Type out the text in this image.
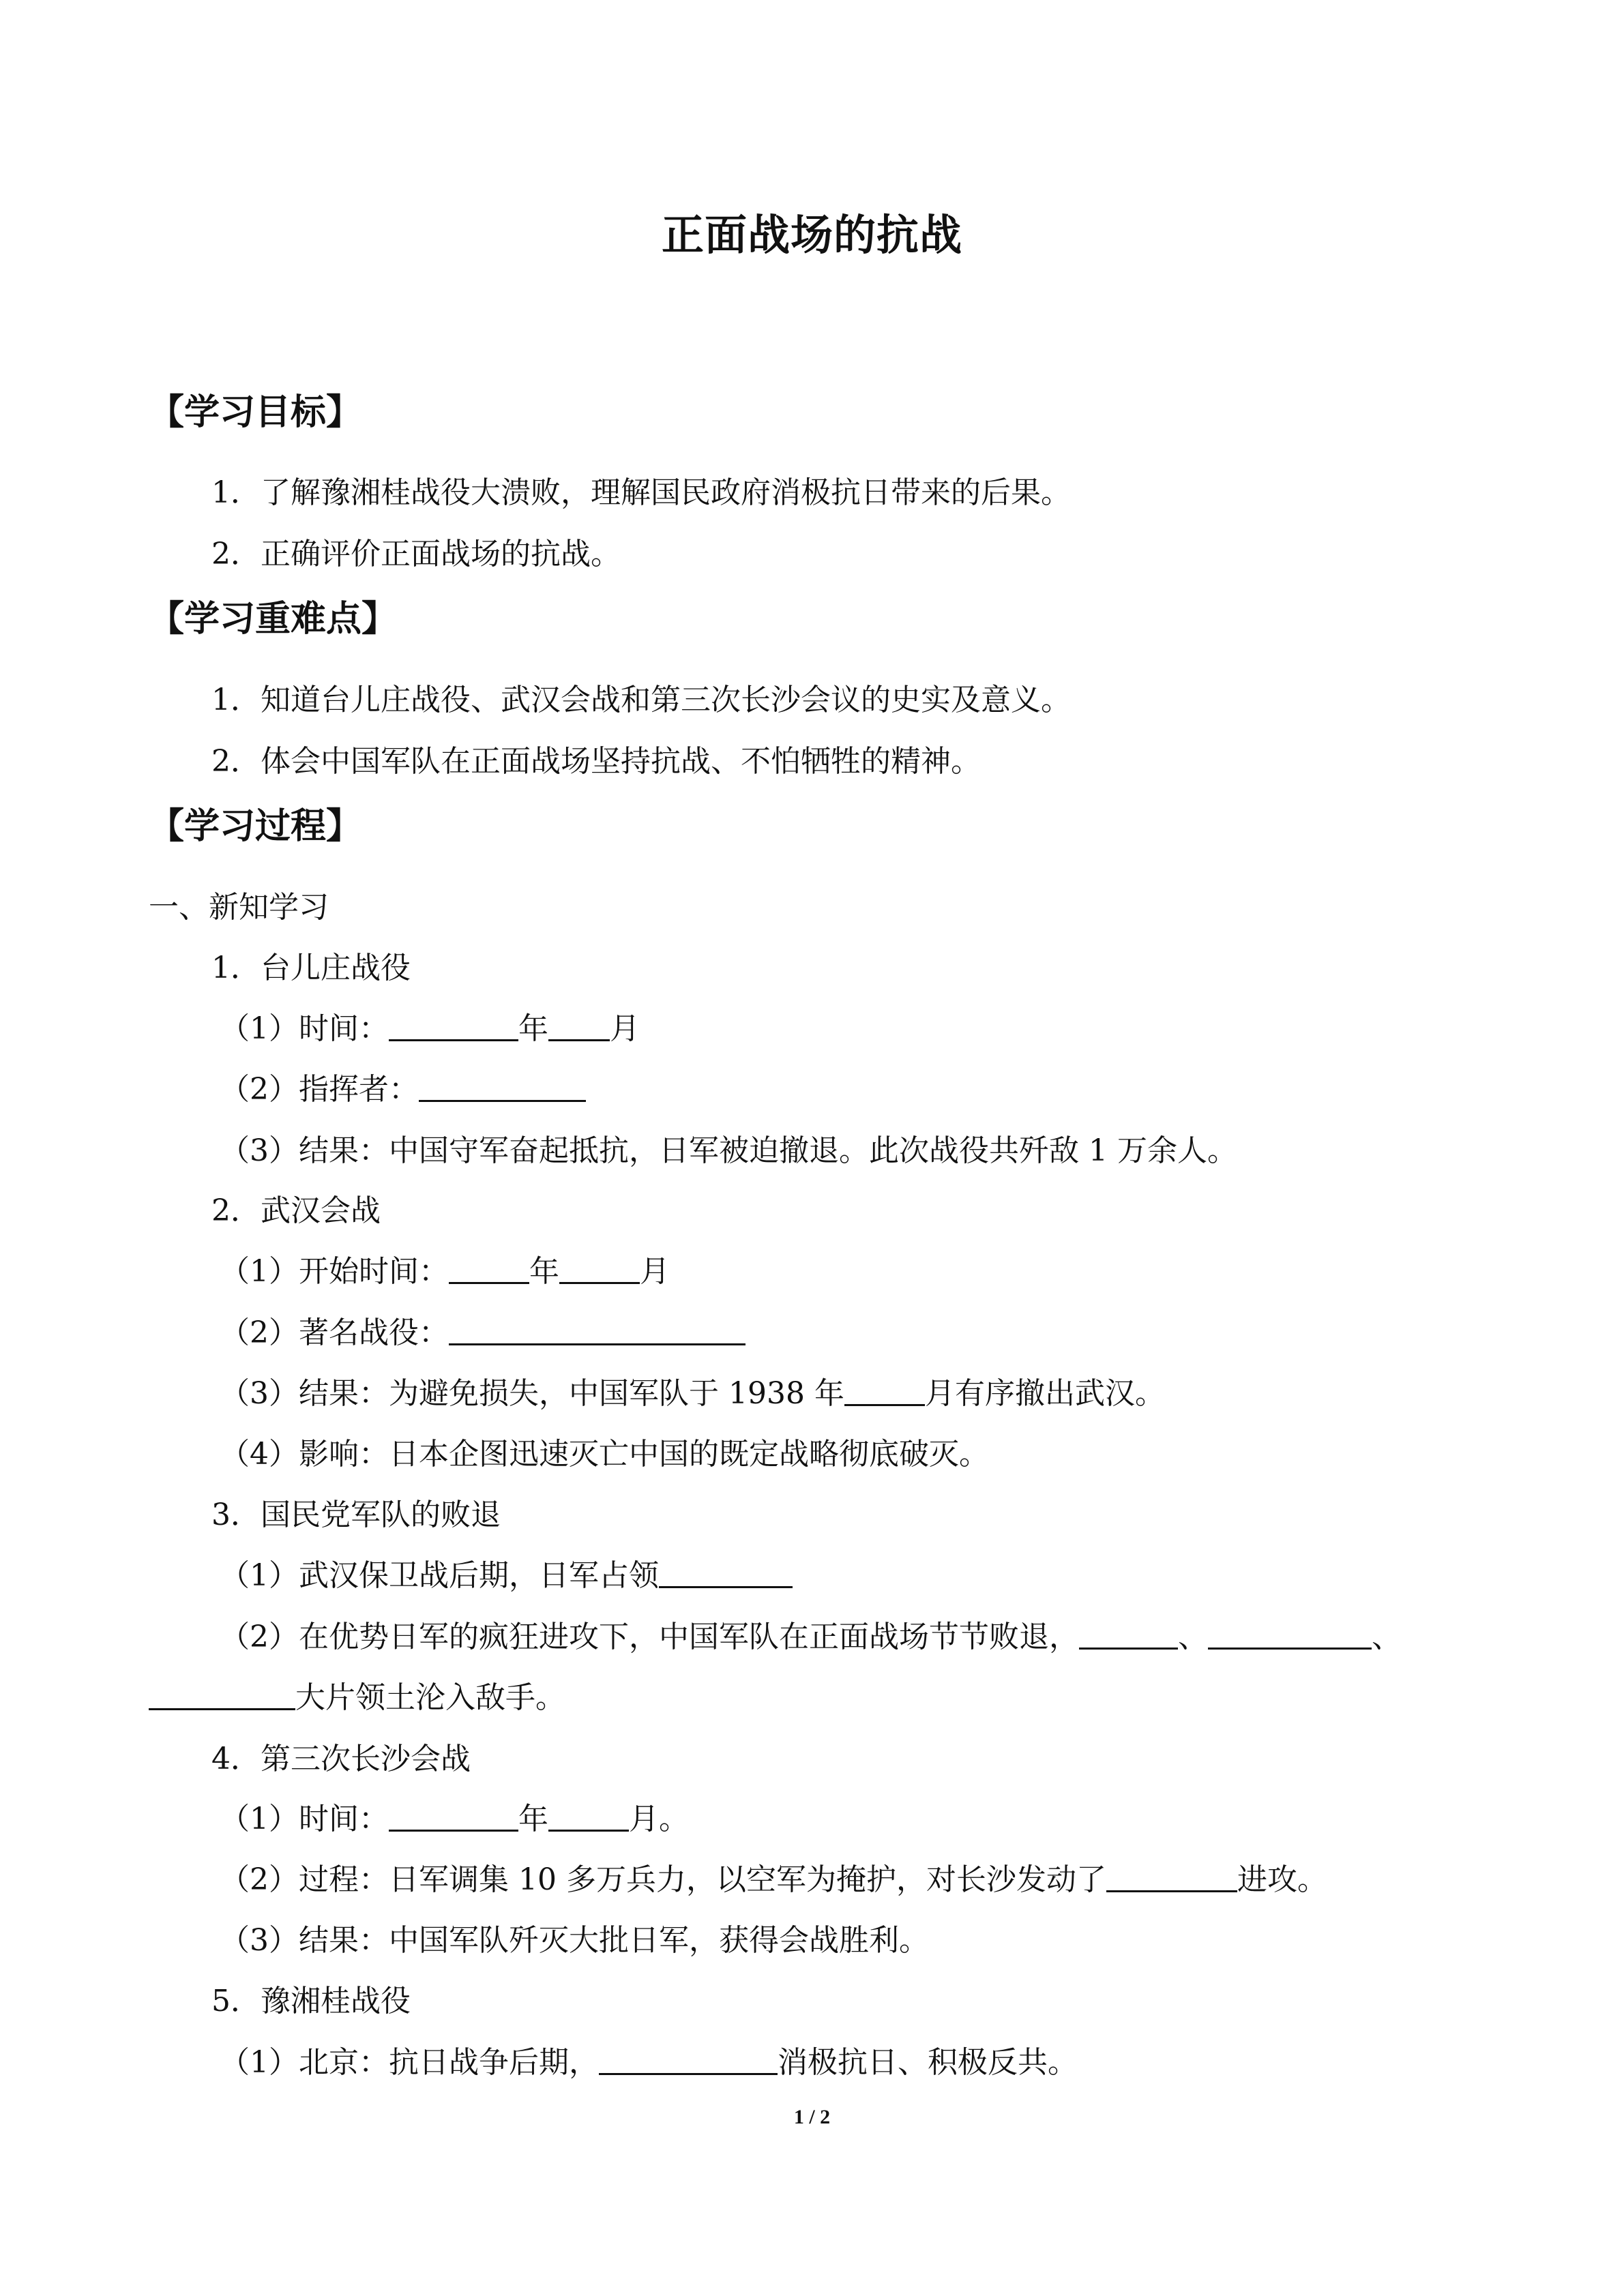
正面战场的抗战
【学习目标】
1．了解豫湘桂战役大溃败，理解国民政府消极抗日带来的后果。
2．正确评价正面战场的抗战。
【学习重难点】
1．知道台儿庄战役、武汉会战和第三次长沙会议的史实及意义。
2．体会中国军队在正面战场坚持抗战、不怕牺牲的精神。
【学习过程】
一、新知学习
1．台儿庄战役
（1）时间：	年 月
（2）指挥者：
（3）结果：中国守军奋起抵抗，日军被迫撤退。此次战役共歼敌 1 万余人。
2．武汉会战
（1）开始时间：	年	月
（2）著名战役：
（3）结果：为避免损失，中国军队于 1938 年	月有序撤出武汉。
（4）影响：日本企图迅速灭亡中国的既定战略彻底破灭。
3．国民党军队的败退
（1）武汉保卫战后期，日军占领
（2）在优势日军的疯狂进攻下，中国军队在正面战场节节败退，	、	、
大片领土沦入敌手。
4．第三次长沙会战
（1）时间：	年	月。
（2）过程：日军调集 10 多万兵力，以空军为掩护，对长沙发动了	进攻。
（3）结果：中国军队歼灭大批日军，获得会战胜利。
5．豫湘桂战役
（1）北京：抗日战争后期，	消极抗日、积极反共。
1 / 2
